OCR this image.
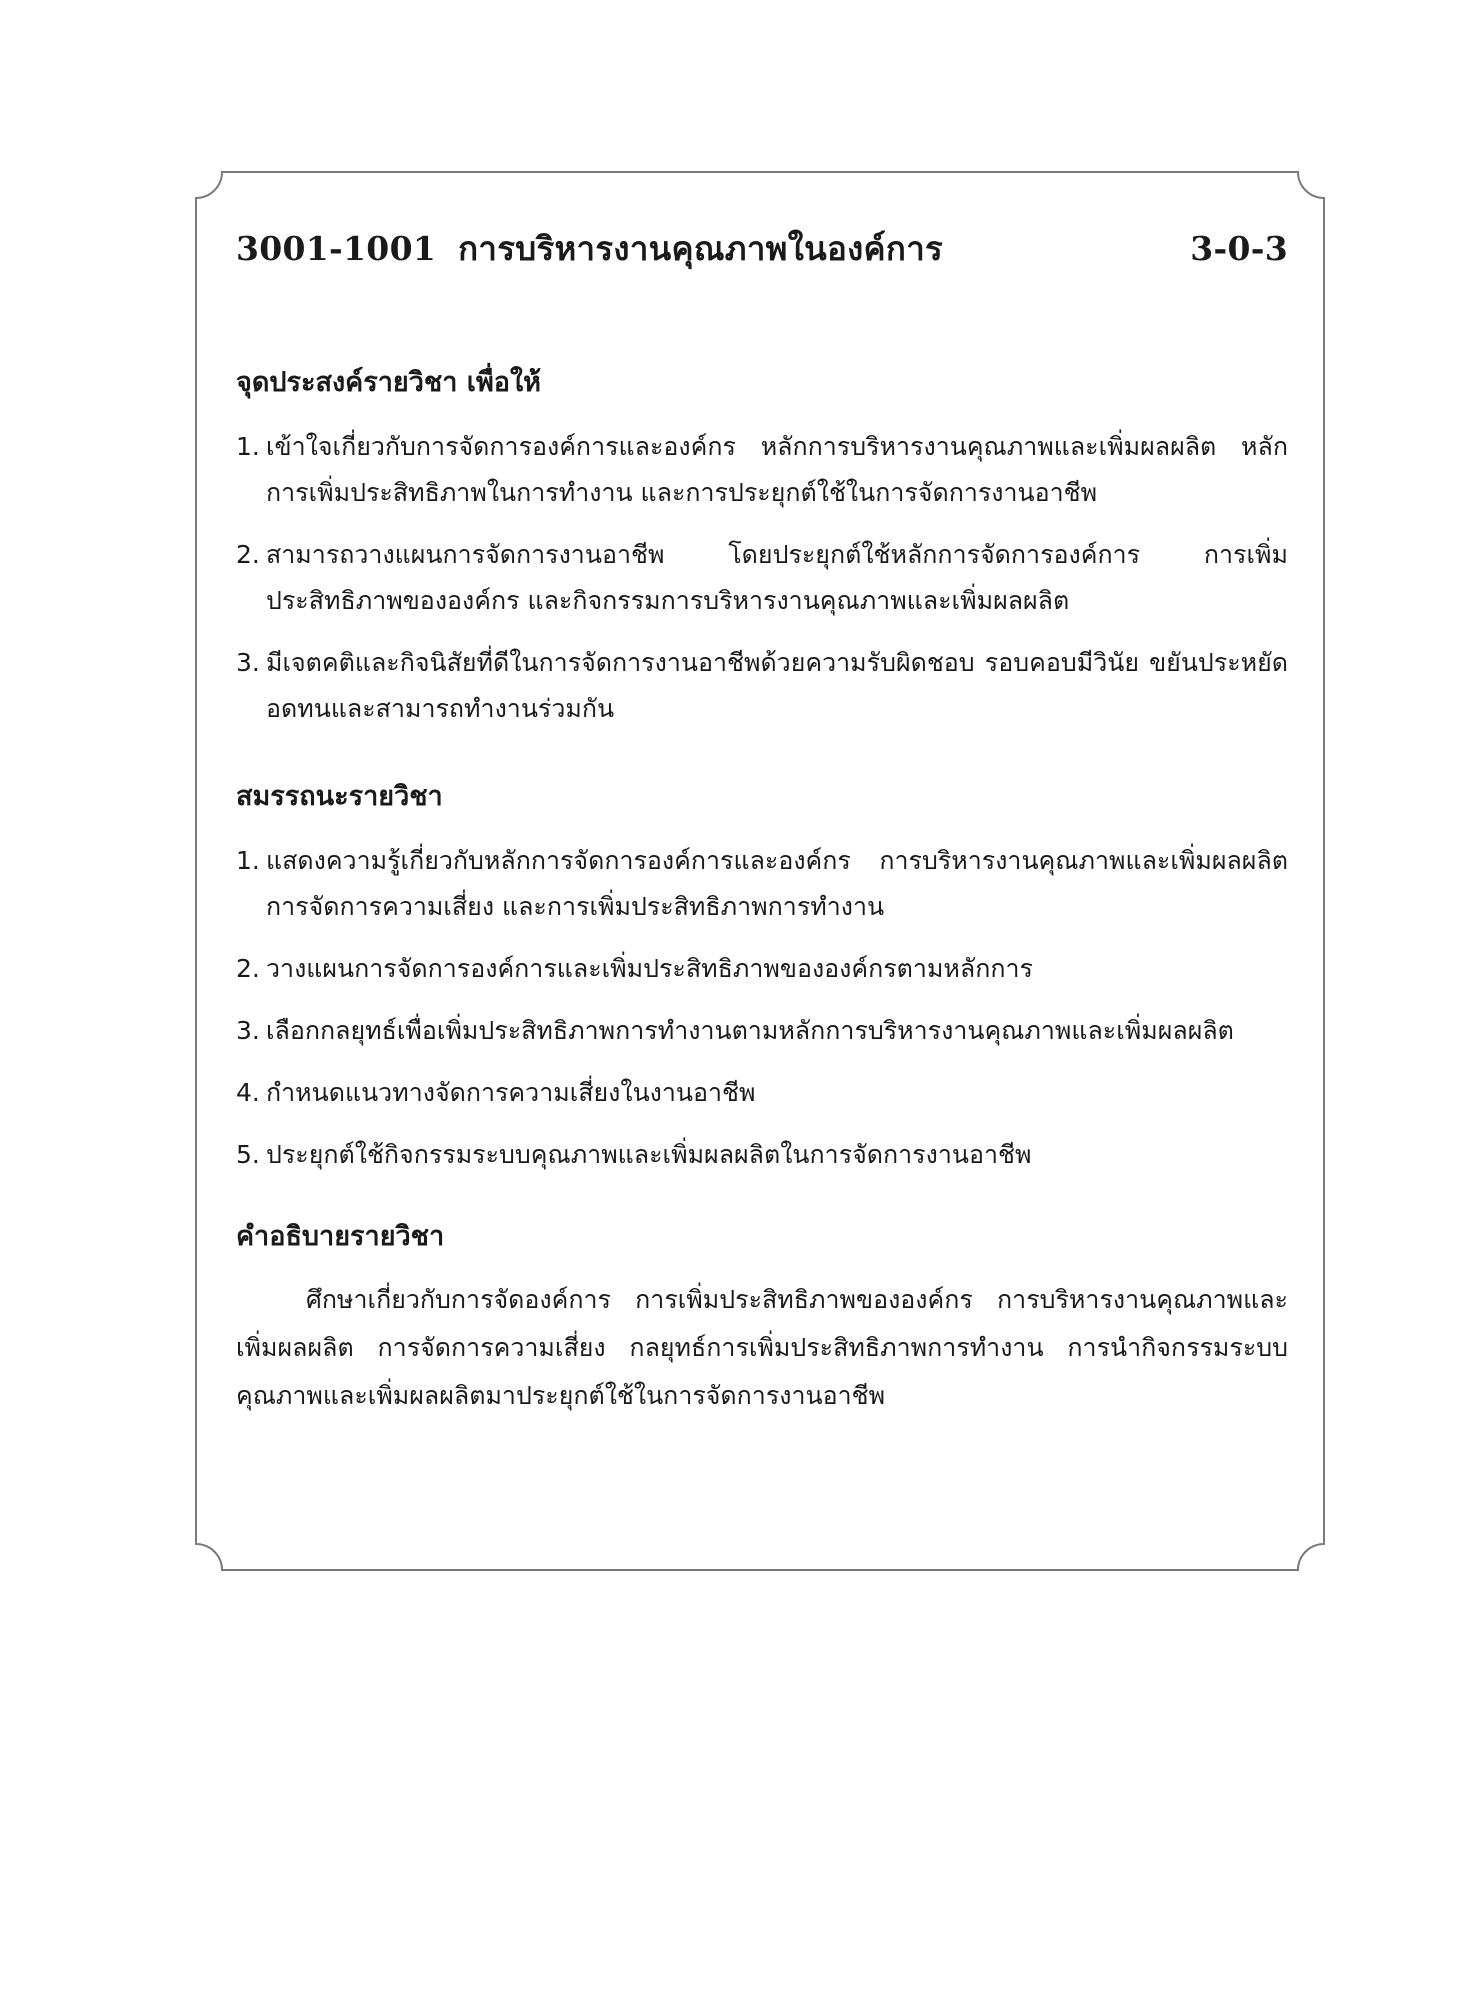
3001-1001 การบริหารงานคุณภาพในองค์การ	3-0-3
จุดประสงค์รายวิชา เพื่อให้
1. เข้าใจเกี่ยวกับการจัดการองค์การและองค์กร หลักการบริหารงานคุณภาพและเพิ่มผลผลิต หลักการเพิ่มประสิทธิภาพในการทำงาน และการประยุกต์ใช้ในการจัดการงานอาชีพ
2. สามารถวางแผนการจัดการงานอาชีพ โดยประยุกต์ใช้หลักการจัดการองค์การ การเพิ่มประสิทธิภาพขององค์กร และกิจกรรมการบริหารงานคุณภาพและเพิ่มผลผลิต
3. มีเจตคติและกิจนิสัยที่ดีในการจัดการงานอาชีพด้วยความรับผิดชอบ รอบคอบมีวินัย ขยันประหยัด อดทนและสามารถทำงานร่วมกัน
สมรรถนะรายวิชา
1. แสดงความรู้เกี่ยวกับหลักการจัดการองค์การและองค์กร การบริหารงานคุณภาพและเพิ่มผลผลิต การจัดการความเสี่ยง และการเพิ่มประสิทธิภาพการทำงาน
2. วางแผนการจัดการองค์การและเพิ่มประสิทธิภาพขององค์กรตามหลักการ
3. เลือกกลยุทธ์เพื่อเพิ่มประสิทธิภาพการทำงานตามหลักการบริหารงานคุณภาพและเพิ่มผลผลิต
4. กำหนดแนวทางจัดการความเสี่ยงในงานอาชีพ
5. ประยุกต์ใช้กิจกรรมระบบคุณภาพและเพิ่มผลผลิตในการจัดการงานอาชีพ
คำอธิบายรายวิชา

ศึกษาเกี่ยวกับการจัดองค์การ การเพิ่มประสิทธิภาพขององค์กร การบริหารงานคุณภาพและเพิ่มผลผลิต การจัดการความเสี่ยง กลยุทธ์การเพิ่มประสิทธิภาพการทำงาน การนำกิจกรรมระบบคุณภาพและเพิ่มผลผลิตมาประยุกต์ใช้ในการจัดการงานอาชีพ
